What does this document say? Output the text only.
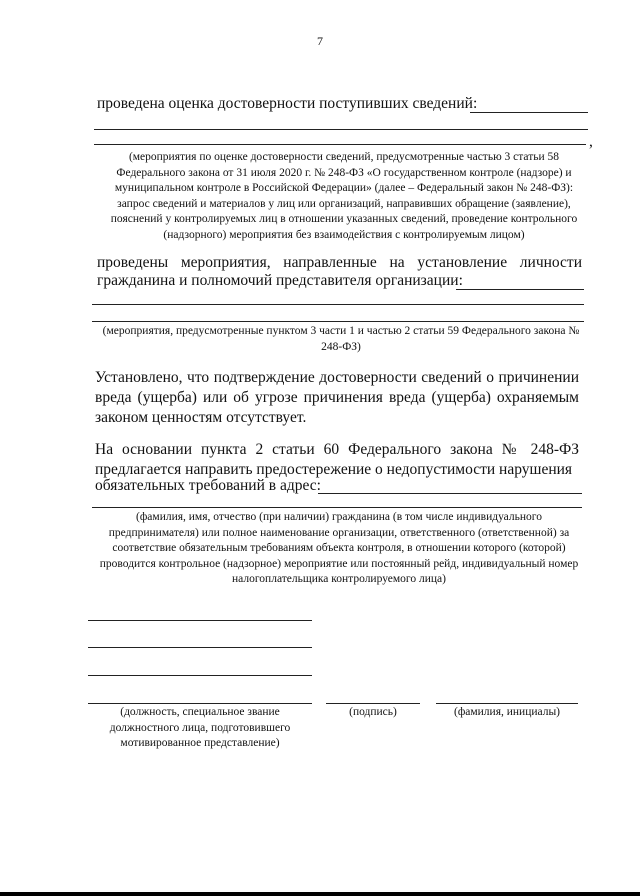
7
проведена оценка достоверности поступивших сведений:
,
(мероприятия по оценке достоверности сведений, предусмотренные частью 3 статьи 58 Федерального закона от 31 июля 2020 г. № 248-ФЗ «О государственном контроле (надзоре) и муниципальном контроле в Российской Федерации» (далее – Федеральный закон № 248-ФЗ): запрос сведений и материалов у лиц или организаций, направивших обращение (заявление), пояснений у контролируемых лиц в отношении указанных сведений, проведение контрольного (надзорного) мероприятия без взаимодействия с контролируемым лицом)
проведены мероприятия, направленные на установление личности
гражданина и полномочий представителя организации:
(мероприятия, предусмотренные пунктом 3 части 1 и частью 2 статьи 59 Федерального закона № 248-ФЗ)
Установлено, что подтверждение достоверности сведений о причинении вреда (ущерба) или об угрозе причинения вреда (ущерба) охраняемым законом ценностям отсутствует.
На основании пункта 2 статьи 60 Федерального закона № 248-ФЗ предлагается направить предостережение о недопустимости нарушения
обязательных требований в адрес:
(фамилия, имя, отчество (при наличии) гражданина (в том числе индивидуального предпринимателя) или полное наименование организации, ответственного (ответственной) за соответствие обязательным требованиям объекта контроля, в отношении которого (которой) проводится контрольное (надзорное) мероприятие или постоянный рейд, индивидуальный номер налогоплательщика контролируемого лица)
(должность, специальное звание должностного лица, подготовившего мотивированное представление)
(подпись)	(фамилия, инициалы)
